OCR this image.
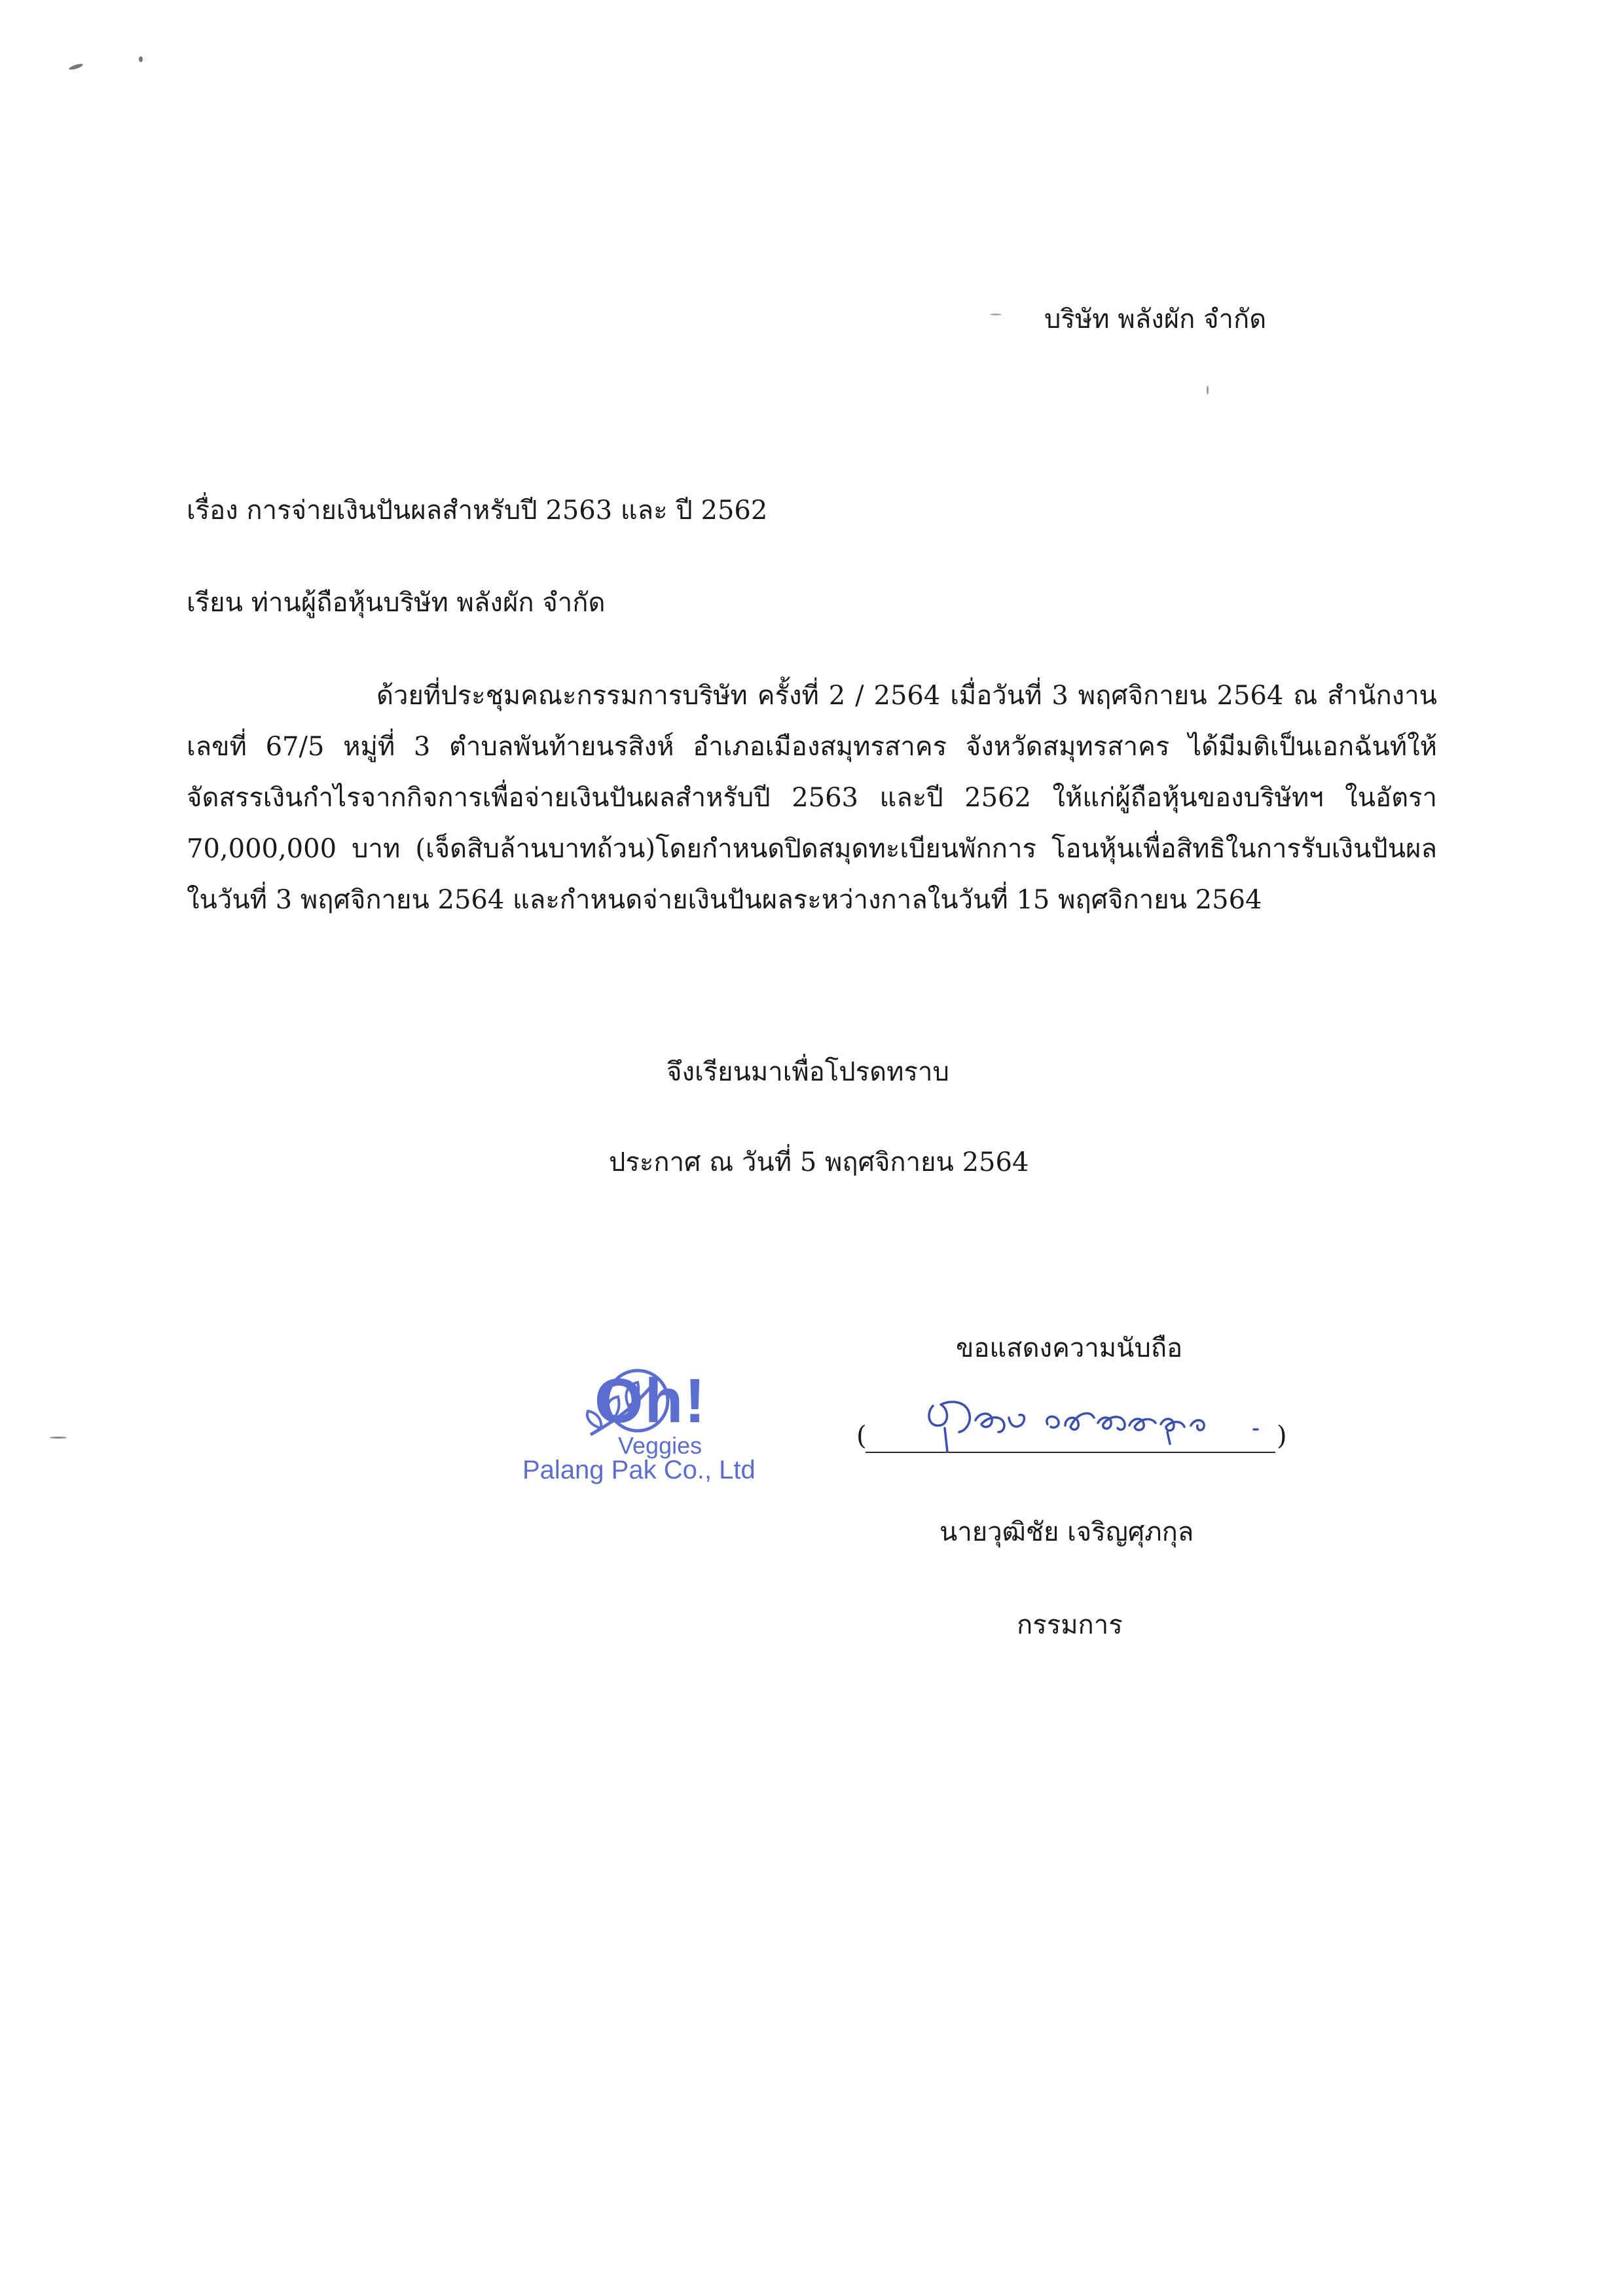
บริษัท พลังผัก จำกัด
เรื่อง การจ่ายเงินปันผลสำหรับปี 2563 และ ปี 2562
เรียน ท่านผู้ถือหุ้นบริษัท พลังผัก จำกัด
ด้วยที่ประชุมคณะกรรมการบริษัท ครั้งที่ 2 / 2564 เมื่อวันที่ 3 พฤศจิกายน 2564 ณ สำนักงาน
เลขที่ 67/5 หมู่ที่ 3 ตำบลพันท้ายนรสิงห์ อำเภอเมืองสมุทรสาคร จังหวัดสมุทรสาคร ได้มีมติเป็นเอกฉันท์ให้
จัดสรรเงินกำไรจากกิจการเพื่อจ่ายเงินปันผลสำหรับปี 2563 และปี 2562 ให้แก่ผู้ถือหุ้นของบริษัทฯ ในอัตรา
70,000,000 บาท (เจ็ดสิบล้านบาทถ้วน)โดยกำหนดปิดสมุดทะเบียนพักการ โอนหุ้นเพื่อสิทธิในการรับเงินปันผล
ในวันที่ 3 พฤศจิกายน 2564 และกำหนดจ่ายเงินปันผลระหว่างกาลในวันที่ 15 พฤศจิกายน 2564
จึงเรียนมาเพื่อโปรดทราบ
ประกาศ ณ วันที่ 5 พฤศจิกายน 2564
ขอแสดงความนับถือ
Oh!
Veggies
Palang Pak Co., Ltd
(	)
นายวุฒิชัย เจริญศุภกุล
กรรมการ
